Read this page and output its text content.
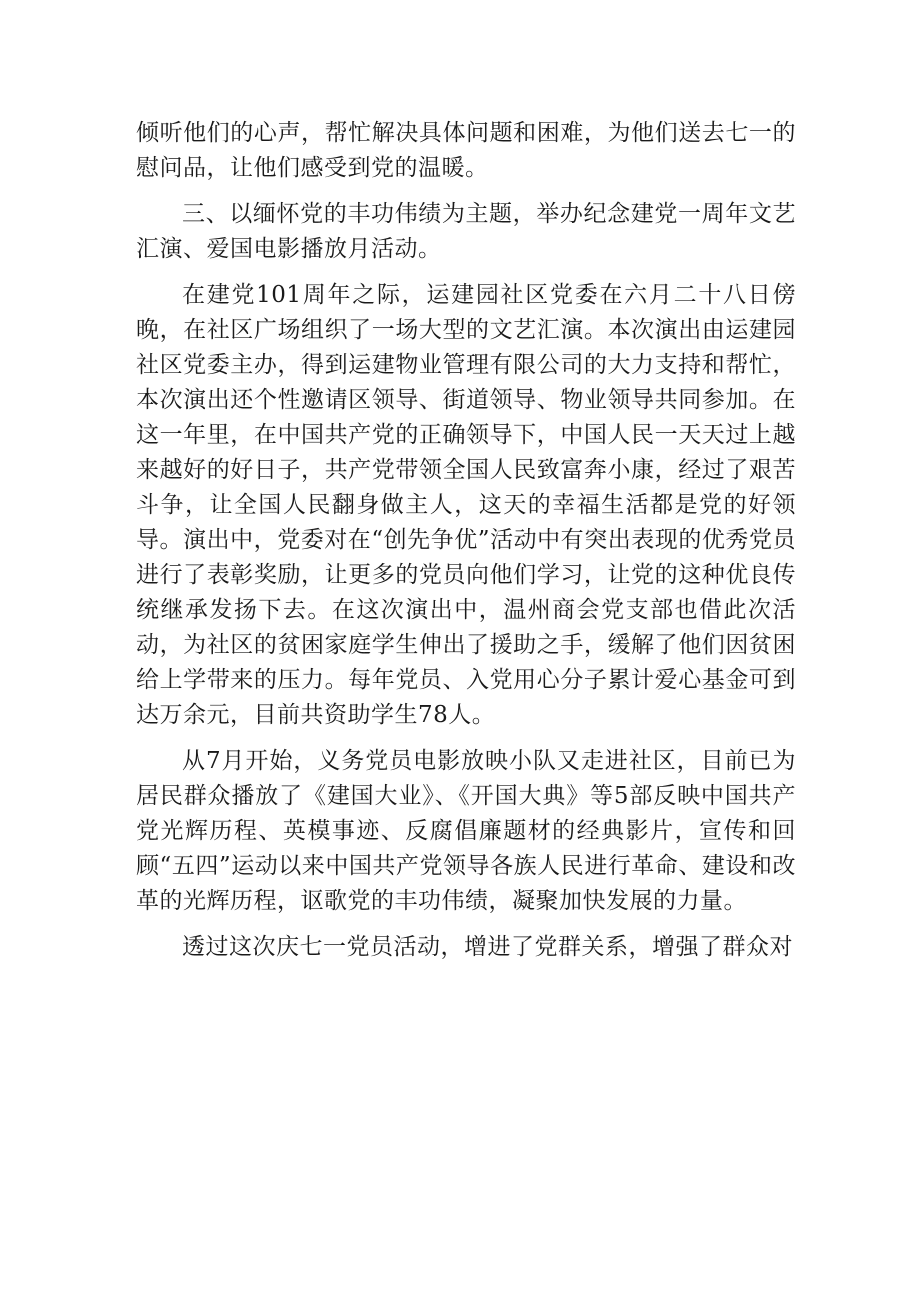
倾听他们的心声，帮忙解决具体问题和困难，为他们送去七一的慰问品，让他们感受到党的温暖。

三、以缅怀党的丰功伟绩为主题，举办纪念建党一周年文艺汇演、爱国电影播放月活动。

在建党101周年之际，运建园社区党委在六月二十八日傍晚，在社区广场组织了一场大型的文艺汇演。本次演出由运建园社区党委主办，得到运建物业管理有限公司的大力支持和帮忙，本次演出还个性邀请区领导、街道领导、物业领导共同参加。在这一年里，在中国共产党的正确领导下，中国人民一天天过上越来越好的好日子，共产党带领全国人民致富奔小康，经过了艰苦斗争，让全国人民翻身做主人，这天的幸福生活都是党的好领导。演出中，党委对在“创先争优”活动中有突出表现的优秀党员进行了表彰奖励，让更多的党员向他们学习，让党的这种优良传统继承发扬下去。在这次演出中，温州商会党支部也借此次活动，为社区的贫困家庭学生伸出了援助之手，缓解了他们因贫困给上学带来的压力。每年党员、入党用心分子累计爱心基金可到达万余元，目前共资助学生78人。

从7月开始，义务党员电影放映小队又走进社区，目前已为居民群众播放了《建国大业》、《开国大典》等5部反映中国共产党光辉历程、英模事迹、反腐倡廉题材的经典影片，宣传和回顾“五四”运动以来中国共产党领导各族人民进行革命、建设和改革的光辉历程，讴歌党的丰功伟绩，凝聚加快发展的力量。

透过这次庆七一党员活动，增进了党群关系，增强了群众对
